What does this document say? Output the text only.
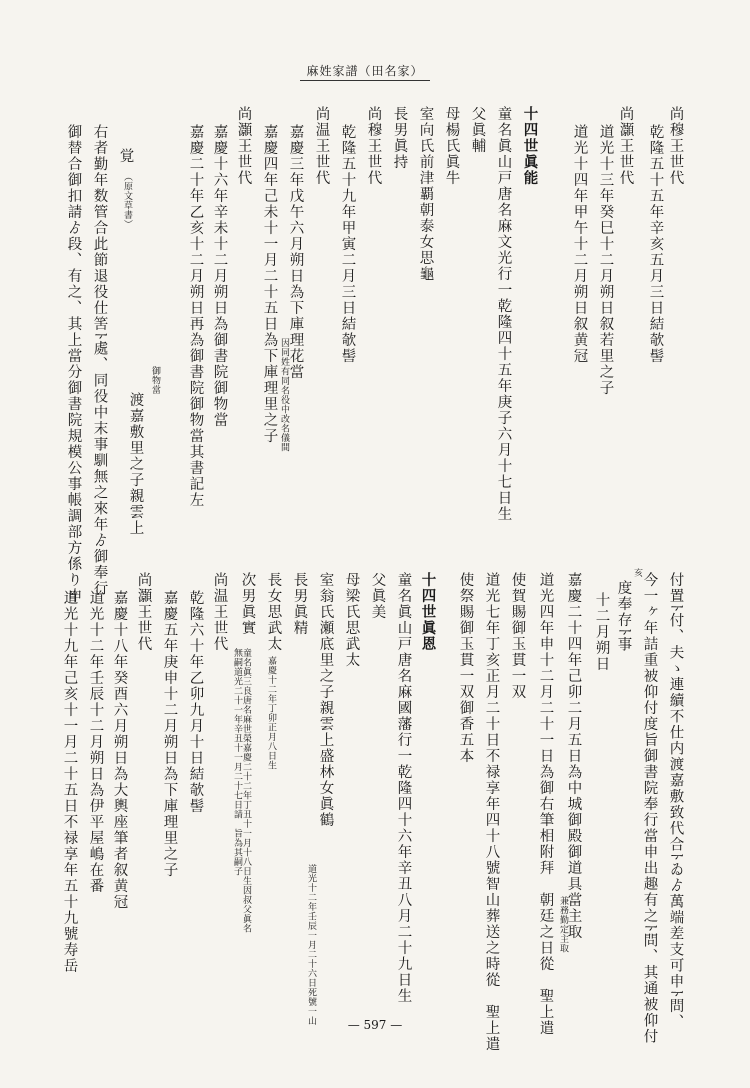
麻姓家譜（田名家）
尚穆王世代
乾隆五十五年辛亥五月三日結欹髻
尚灝王世代
道光十三年癸巳十二月朔日叙若里之子
道光十四年甲午十二月朔日叙黄冠
十四世眞能
童名眞山戸唐名麻文光行一乾隆四十五年庚子六月十七日生
父眞輔
母楊氏眞牛
室向氏前津覇朝泰女思龜
長男眞持
尚穆王世代
乾隆五十九年甲寅二月三日結欹髻
尚温王世代
嘉慶三年戊午六月朔日為下庫理花當
因同姓有同名役中改名儀間
嘉慶四年己未十一月二十五日為下庫理里之子
嘉慶二十年乙亥十二月朔日再為御書院御物當其書記左 尚灝王世代
嘉慶十六年辛未十二月朔日為御書院御物當
御物當
渡嘉敷里之子親雲上
覚
（原文草書）
右者勤年数管合此節退役仕筈ﾄ處、同役中末事馴無之來年ゟ御奉行
御替合御扣請ゟ段、有之、其上當分御書院規模公事帳調部方係り申
付置ﾄ付、夫ゝ連續不仕内渡嘉敷致代合ﾄゐゟ萬端差支可申ﾄ問、
今一ヶ年詰重被仰付度旨御書院奉行當申出趣有之ﾄ問、其通被仰付
度奉存ﾄ事
亥
十二月朔日
嘉慶二十四年己卯二月五日為中城御殿御道具當主取
兼務勤定主取
道光四年申十二月二十一日為御右筆相附拜　朝廷之日從　聖上遣
使賀賜御玉貫一双
道光七年丁亥正月二十日不禄享年四十八號智山葬送之時從　聖上遣
使祭賜御玉貫一双御香五本
十四世眞恩
童名眞山戸唐名麻國藩行一乾隆四十六年辛丑八月二十九日生
父眞美
母梁氏思武太
室翁氏瀬底里之子親雲上盛林女眞鶴
道光十二年壬辰一月二十六日死號一山
長男眞精
長女思武太
嘉慶十二年丁卯正月八日生
次男眞實
童名眞三良唐名麻世榮嘉慶二十二年丁丑十一月十八日生因叔父眞名無嗣道光二十一年辛丑十一月二十七日請　旨為其嗣子
尚温王世代
乾隆六十年乙卯九月十日結欹髻
嘉慶五年庚申十二月朔日為下庫理里之子
尚灝王世代
嘉慶十八年癸酉六月朔日為大輿座筆者叙黄冠
道光十二年壬辰十二月朔日為伊平屋嶋在番
道光十九年己亥十一月二十五日不禄享年五十九號寿岳
— 597 —
